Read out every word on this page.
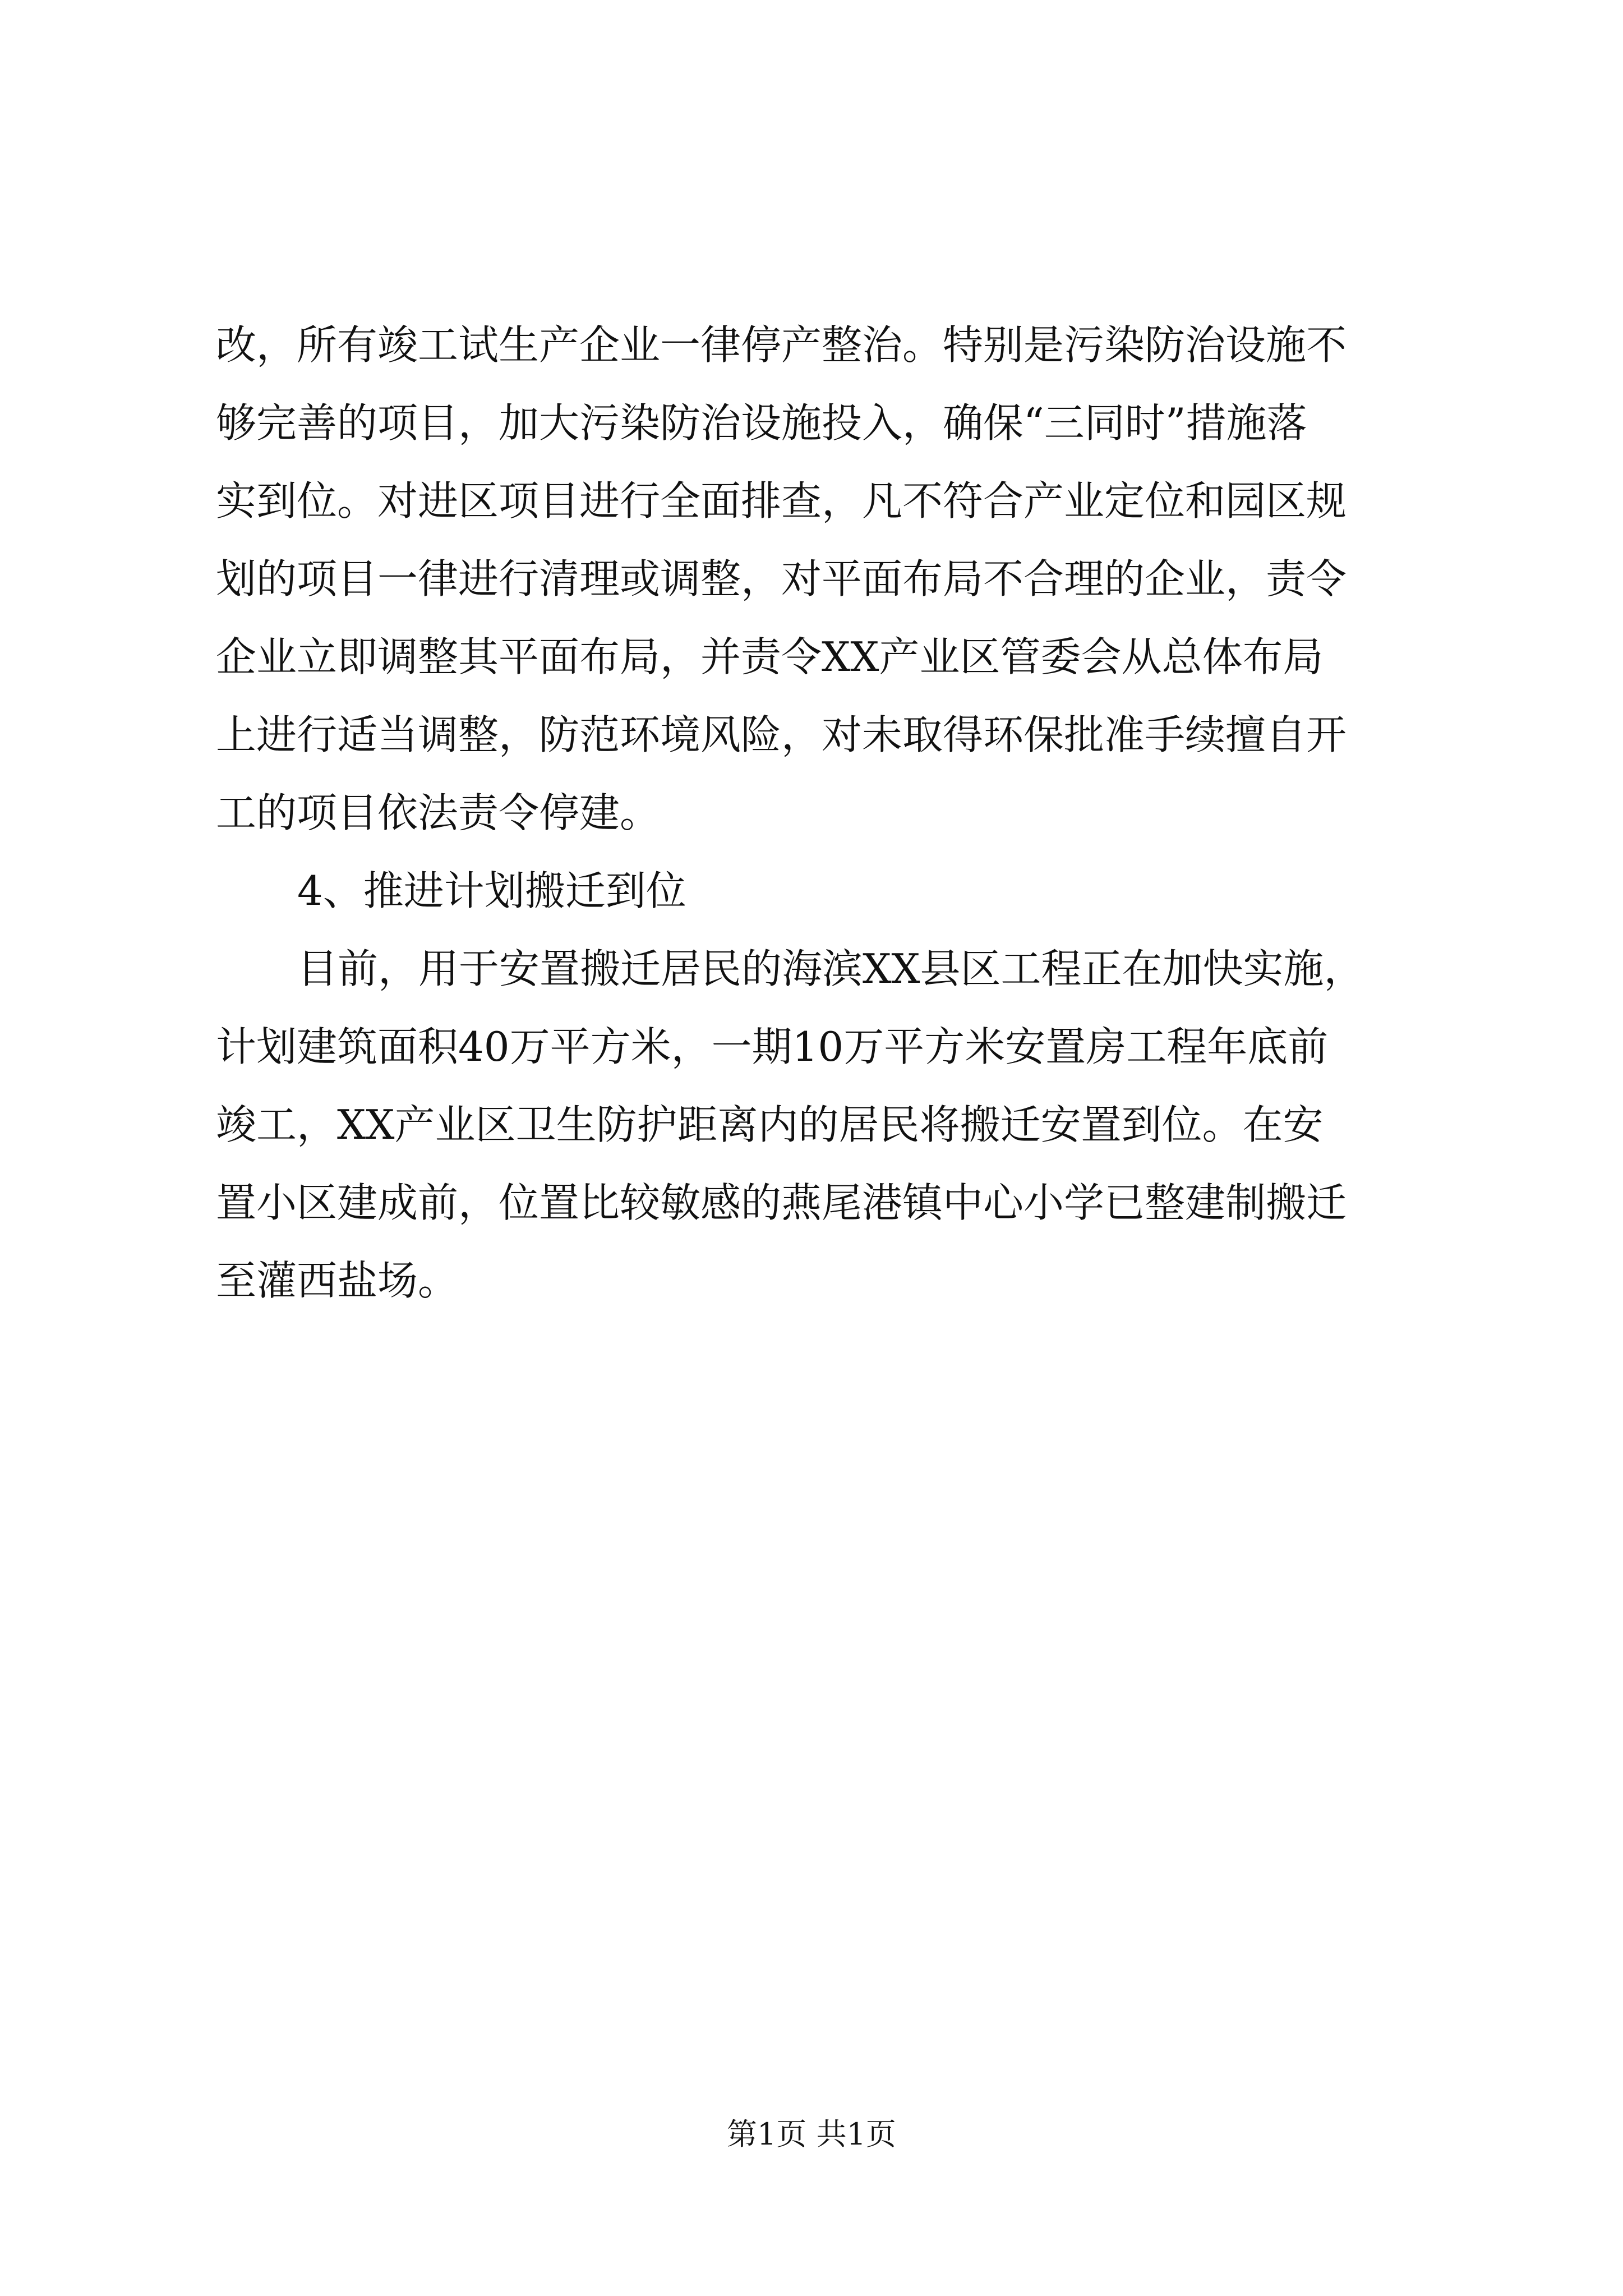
改，所有竣工试生产企业一律停产整治。特别是污染防治设施不
够完善的项目，加大污染防治设施投入，确保“三同时”措施落
实到位。对进区项目进行全面排查，凡不符合产业定位和园区规
划的项目一律进行清理或调整，对平面布局不合理的企业，责令
企业立即调整其平面布局，并责令XX产业区管委会从总体布局
上进行适当调整，防范环境风险，对未取得环保批准手续擅自开
工的项目依法责令停建。
4、推进计划搬迁到位
目前，用于安置搬迁居民的海滨XX县区工程正在加快实施，
计划建筑面积40万平方米，一期10万平方米安置房工程年底前
竣工，XX产业区卫生防护距离内的居民将搬迁安置到位。在安
置小区建成前，位置比较敏感的燕尾港镇中心小学已整建制搬迁
至灌西盐场。
第1页 共1页
